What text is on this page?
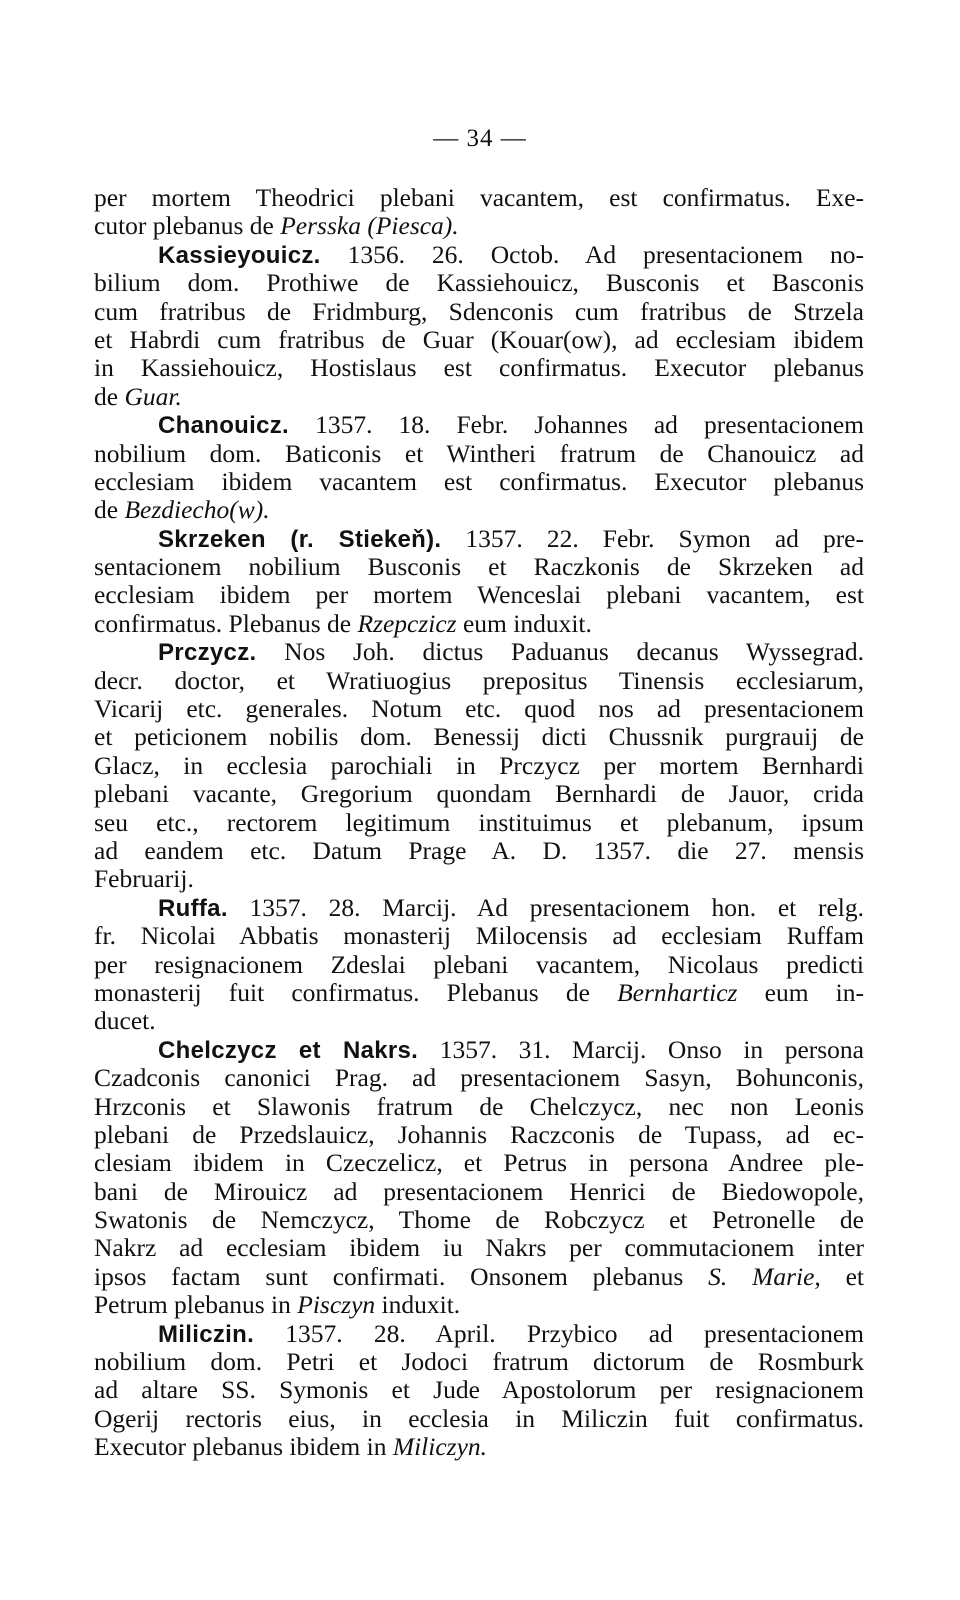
— 34 —
per mortem Theodrici plebani vacantem, est confirmatus. Exe-
cutor plebanus de Persska (Piesca).
Kassieyouicz. 1356. 26. Octob. Ad presentacionem no-
bilium dom. Prothiwe de Kassiehouicz, Busconis et Basconis
cum fratribus de Fridmburg, Sdenconis cum fratribus de Strzela
et Habrdi cum fratribus de Guar (Kouar(ow), ad ecclesiam ibidem
in Kassiehouicz, Hostislaus est confirmatus. Executor plebanus
de Guar.
Chanouicz. 1357. 18. Febr. Johannes ad presentacionem
nobilium dom. Baticonis et Wintheri fratrum de Chanouicz ad
ecclesiam ibidem vacantem est confirmatus. Executor plebanus
de Bezdiecho(w).
Skrzeken (r. Stiekeň). 1357. 22. Febr. Symon ad pre-
sentacionem nobilium Busconis et Raczkonis de Skrzeken ad
ecclesiam ibidem per mortem Wenceslai plebani vacantem, est
confirmatus. Plebanus de Rzepczicz eum induxit.
Prczycz. Nos Joh. dictus Paduanus decanus Wyssegrad.
decr. doctor, et Wratiuogius prepositus Tinensis ecclesiarum,
Vicarij etc. generales. Notum etc. quod nos ad presentacionem
et peticionem nobilis dom. Benessij dicti Chussnik purgrauij de
Glacz, in ecclesia parochiali in Prczycz per mortem Bernhardi
plebani vacante, Gregorium quondam Bernhardi de Jauor, crida
seu etc., rectorem legitimum instituimus et plebanum, ipsum
ad eandem etc. Datum Prage A. D. 1357. die 27. mensis
Februarij.
Ruffa. 1357. 28. Marcij. Ad presentacionem hon. et relg.
fr. Nicolai Abbatis monasterij Milocensis ad ecclesiam Ruffam
per resignacionem Zdeslai plebani vacantem, Nicolaus predicti
monasterij fuit confirmatus. Plebanus de Bernharticz eum in-
ducet.
Chelczycz et Nakrs. 1357. 31. Marcij. Onso in persona
Czadconis canonici Prag. ad presentacionem Sasyn, Bohunconis,
Hrzconis et Slawonis fratrum de Chelczycz, nec non Leonis
plebani de Przedslauicz, Johannis Raczconis de Tupass, ad ec-
clesiam ibidem in Czeczelicz, et Petrus in persona Andree ple-
bani de Mirouicz ad presentacionem Henrici de Biedowopole,
Swatonis de Nemczycz, Thome de Robczycz et Petronelle de
Nakrz ad ecclesiam ibidem iu Nakrs per commutacionem inter
ipsos factam sunt confirmati. Onsonem plebanus S. Marie, et
Petrum plebanus in Pisczyn induxit.
Miliczin. 1357. 28. April. Przybico ad presentacionem
nobilium dom. Petri et Jodoci fratrum dictorum de Rosmburk
ad altare SS. Symonis et Jude Apostolorum per resignacionem
Ogerij rectoris eius, in ecclesia in Miliczin fuit confirmatus.
Executor plebanus ibidem in Miliczyn.
